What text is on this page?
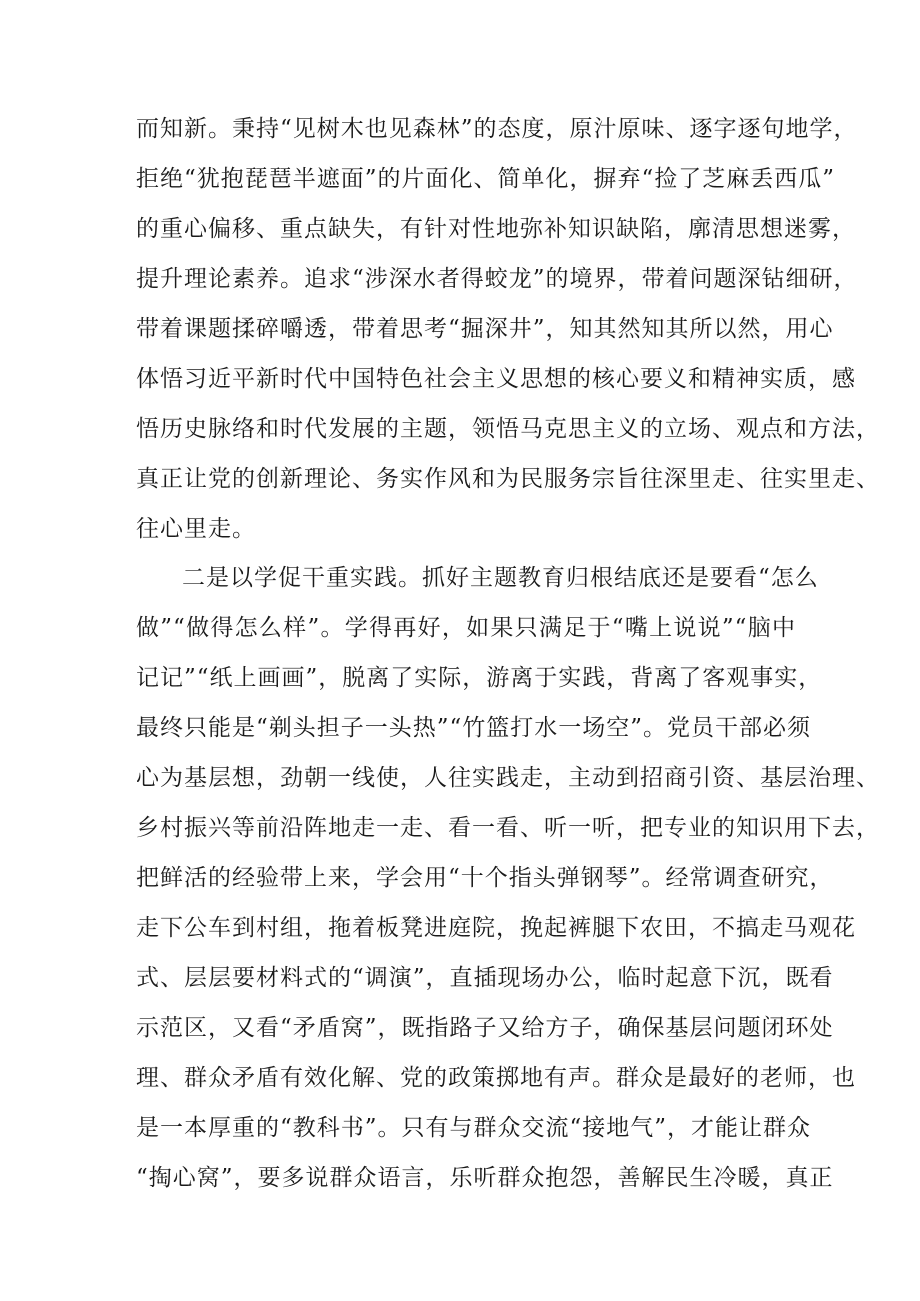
而知新。秉持“见树木也见森林”的态度，原汁原味、逐字逐句地学，
拒绝“犹抱琵琶半遮面”的片面化、简单化，摒弃“捡了芝麻丢西瓜”
的重心偏移、重点缺失，有针对性地弥补知识缺陷，廓清思想迷雾，
提升理论素养。追求“涉深水者得蛟龙”的境界，带着问题深钻细研，
带着课题揉碎嚼透，带着思考“掘深井”，知其然知其所以然，用心
体悟习近平新时代中国特色社会主义思想的核心要义和精神实质，感
悟历史脉络和时代发展的主题，领悟马克思主义的立场、观点和方法，
真正让党的创新理论、务实作风和为民服务宗旨往深里走、往实里走、
往心里走。
二是以学促干重实践。抓好主题教育归根结底还是要看“怎么
做”“做得怎么样”。学得再好，如果只满足于“嘴上说说”“脑中
记记”“纸上画画”，脱离了实际，游离于实践，背离了客观事实，
最终只能是“剃头担子一头热”“竹篮打水一场空”。党员干部必须
心为基层想，劲朝一线使，人往实践走，主动到招商引资、基层治理、
乡村振兴等前沿阵地走一走、看一看、听一听，把专业的知识用下去，
把鲜活的经验带上来，学会用“十个指头弹钢琴”。经常调查研究，
走下公车到村组，拖着板凳进庭院，挽起裤腿下农田，不搞走马观花
式、层层要材料式的“调演”，直插现场办公，临时起意下沉，既看
示范区，又看“矛盾窝”，既指路子又给方子，确保基层问题闭环处
理、群众矛盾有效化解、党的政策掷地有声。群众是最好的老师，也
是一本厚重的“教科书”。只有与群众交流“接地气”，才能让群众
“掏心窝”，要多说群众语言，乐听群众抱怨，善解民生冷暖，真正
